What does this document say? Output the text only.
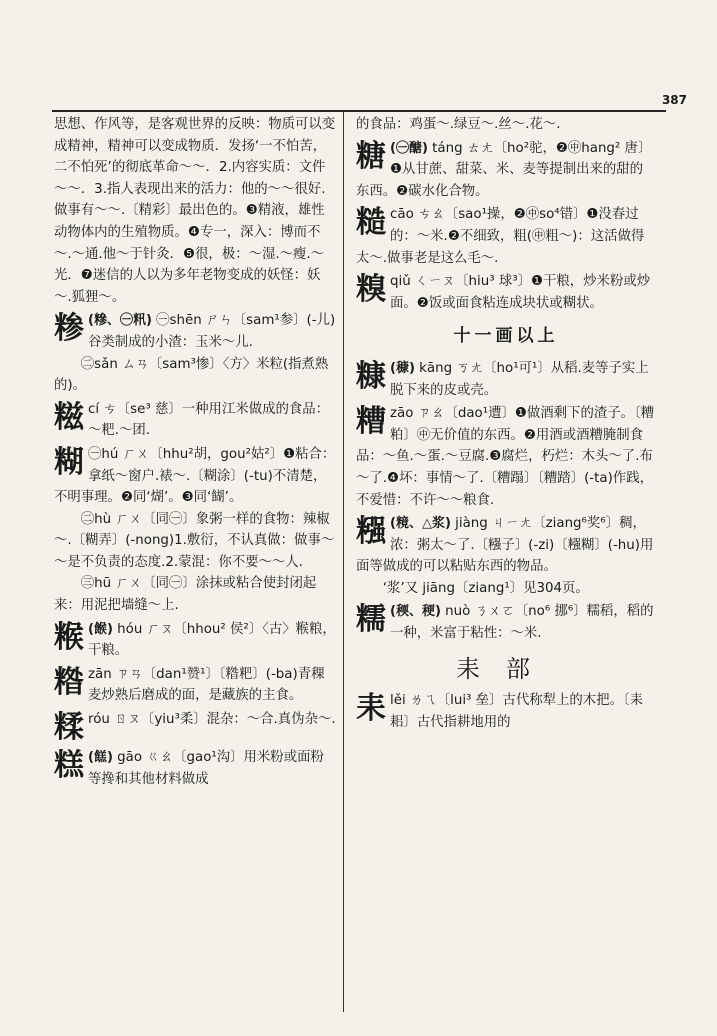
387

思想、作风等，是客观世界的反映：物质可以变成精神，精神可以变成物质．发扬‘一不怕苦，二不怕死’的彻底革命～～．2.内容实质：文件～～．3.指人表现出来的活力：他的～～很好.做事有～～.〔精彩〕最出色的。❸精液，雄性动物体内的生殖物质。❹专一，深入：博而不～.～通.他～于针灸．❺很，极：～湿.～瘦.～光．❼迷信的人以为多年老物变成的妖怪：妖～.狐狸～。

糁 (糝、㊀籸) ㊀shēn ㄕㄣ〔sam¹参〕(-儿)谷类制成的小渣：玉米～儿.

㊁sǎn ㄙㄢ〔sam³惨〕〈方〉米粒(指煮熟的)。

糍 cí ㄘ〔se³ 慈〕一种用江米做成的食品：～粑.～团.
糊 ㊀hú ㄏㄨ〔hhu²胡，gou²姑²〕❶粘合：拿纸～窗户.裱～.〔糊涂〕(-tu)不清楚，不明事理。❷同‘煳’。❸同‘餬’。

㊁hù ㄏㄨ〔同㊀〕象粥一样的食物：辣椒～.〔糊弄〕(-nong)1.敷衍，不认真做：做事～～是不负责的态度.2.蒙混：你不要～～人.

㊂hū ㄏㄨ〔同㊀〕涂抹或粘合使封闭起来：用泥把墙缝～上.

糇 (餱) hóu ㄏㄡ〔hhou² 侯²〕〈古〉糇粮，干粮。
糌 zān ㄗㄢ〔dan¹赞¹〕〔糌粑〕(-ba)青稞麦炒熟后磨成的面，是藏族的主食。
糅 róu ㄖㄡ〔yiu³柔〕混杂：～合.真伪杂～.
糕 (餻) gāo ㄍㄠ〔gao¹沟〕用米粉或面粉等搀和其他材料做成

的食品：鸡蛋～.绿豆～.丝～.花～.

糖 (㊀醣) táng ㄊㄤ〔ho²驼，❷㊥hang² 唐〕❶从甘蔗、甜菜、米、麦等提制出来的甜的东西。❷碳水化合物。
糙 cāo ㄘㄠ〔sao¹操，❷㊥so⁴错〕❶没春过的：～米.❷不细致，粗(㊥粗～)：这活做得太～.做事老是这么毛～.
糗 qiǔ ㄑㄧㄡ〔hiu³ 球³〕❶干粮，炒米粉或炒面。❷饭或面食粘连成块状或糊状。
十一画以上
糠 (穅) kāng ㄎㄤ〔ho¹可¹〕从稻.麦等子实上脱下来的皮或壳。
糟 zāo ㄗㄠ〔dao¹遭〕❶做酒剩下的渣子。〔糟粕〕㊥无价值的东西。❷用酒或酒糟腌制食品：～鱼.～蛋.～豆腐.❸腐烂，朽烂：木头～了.布～了.❹坏：事情～了.〔糟蹋〕〔糟踏〕(-ta)作践，不爱惜：不许～～粮食.
糨 (糡、△浆) jiàng ㄐㄧㄤ〔ziang⁶奖⁶〕稠，浓：粥太～了.〔糨子〕(-zi)〔糨糊〕(-hu)用面等做成的可以粘贴东西的物品。

‘浆’又 jiāng〔ziang¹〕见304页。

糯 (稬、稉) nuò ㄋㄨㄛ〔no⁶ 挪⁶〕糯稻，稻的一种，米富于粘性：～米.
耒部
耒 lěi ㄌㄟ〔lui³ 垒〕古代称犁上的木把。〔耒耜〕古代指耕地用的
